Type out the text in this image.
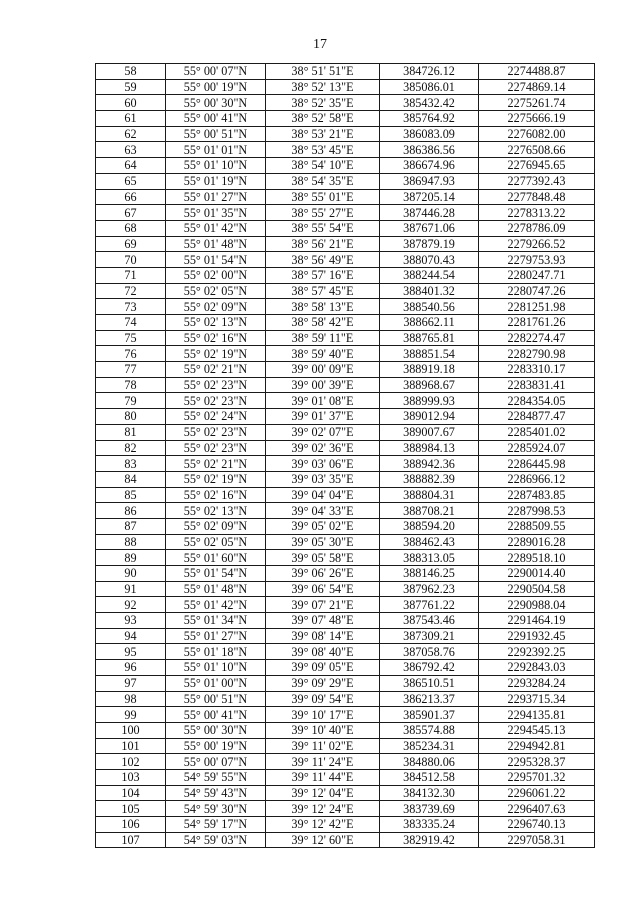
17
58	55° 00' 07"N	38° 51' 51"E	384726.12	2274488.87
59	55° 00' 19"N	38° 52' 13"E	385086.01	2274869.14
60	55° 00' 30"N	38° 52' 35"E	385432.42	2275261.74
61	55° 00' 41"N	38° 52' 58"E	385764.92	2275666.19
62	55° 00' 51"N	38° 53' 21"E	386083.09	2276082.00
63	55° 01' 01"N	38° 53' 45"E	386386.56	2276508.66
64	55° 01' 10"N	38° 54' 10"E	386674.96	2276945.65
65	55° 01' 19"N	38° 54' 35"E	386947.93	2277392.43
66	55° 01' 27"N	38° 55' 01"E	387205.14	2277848.48
67	55° 01' 35"N	38° 55' 27"E	387446.28	2278313.22
68	55° 01' 42"N	38° 55' 54"E	387671.06	2278786.09
69	55° 01' 48"N	38° 56' 21"E	387879.19	2279266.52
70	55° 01' 54"N	38° 56' 49"E	388070.43	2279753.93
71	55° 02' 00"N	38° 57' 16"E	388244.54	2280247.71
72	55° 02' 05"N	38° 57' 45"E	388401.32	2280747.26
73	55° 02' 09"N	38° 58' 13"E	388540.56	2281251.98
74	55° 02' 13"N	38° 58' 42"E	388662.11	2281761.26
75	55° 02' 16"N	38° 59' 11"E	388765.81	2282274.47
76	55° 02' 19"N	38° 59' 40"E	388851.54	2282790.98
77	55° 02' 21"N	39° 00' 09"E	388919.18	2283310.17
78	55° 02' 23"N	39° 00' 39"E	388968.67	2283831.41
79	55° 02' 23"N	39° 01' 08"E	388999.93	2284354.05
80	55° 02' 24"N	39° 01' 37"E	389012.94	2284877.47
81	55° 02' 23"N	39° 02' 07"E	389007.67	2285401.02
82	55° 02' 23"N	39° 02' 36"E	388984.13	2285924.07
83	55° 02' 21"N	39° 03' 06"E	388942.36	2286445.98
84	55° 02' 19"N	39° 03' 35"E	388882.39	2286966.12
85	55° 02' 16"N	39° 04' 04"E	388804.31	2287483.85
86	55° 02' 13"N	39° 04' 33"E	388708.21	2287998.53
87	55° 02' 09"N	39° 05' 02"E	388594.20	2288509.55
88	55° 02' 05"N	39° 05' 30"E	388462.43	2289016.28
89	55° 01' 60"N	39° 05' 58"E	388313.05	2289518.10
90	55° 01' 54"N	39° 06' 26"E	388146.25	2290014.40
91	55° 01' 48"N	39° 06' 54"E	387962.23	2290504.58
92	55° 01' 42"N	39° 07' 21"E	387761.22	2290988.04
93	55° 01' 34"N	39° 07' 48"E	387543.46	2291464.19
94	55° 01' 27"N	39° 08' 14"E	387309.21	2291932.45
95	55° 01' 18"N	39° 08' 40"E	387058.76	2292392.25
96	55° 01' 10"N	39° 09' 05"E	386792.42	2292843.03
97	55° 01' 00"N	39° 09' 29"E	386510.51	2293284.24
98	55° 00' 51"N	39° 09' 54"E	386213.37	2293715.34
99	55° 00' 41"N	39° 10' 17"E	385901.37	2294135.81
100	55° 00' 30"N	39° 10' 40"E	385574.88	2294545.13
101	55° 00' 19"N	39° 11' 02"E	385234.31	2294942.81
102	55° 00' 07"N	39° 11' 24"E	384880.06	2295328.37
103	54° 59' 55"N	39° 11' 44"E	384512.58	2295701.32
104	54° 59' 43"N	39° 12' 04"E	384132.30	2296061.22
105	54° 59' 30"N	39° 12' 24"E	383739.69	2296407.63
106	54° 59' 17"N	39° 12' 42"E	383335.24	2296740.13
107	54° 59' 03"N	39° 12' 60"E	382919.42	2297058.31
